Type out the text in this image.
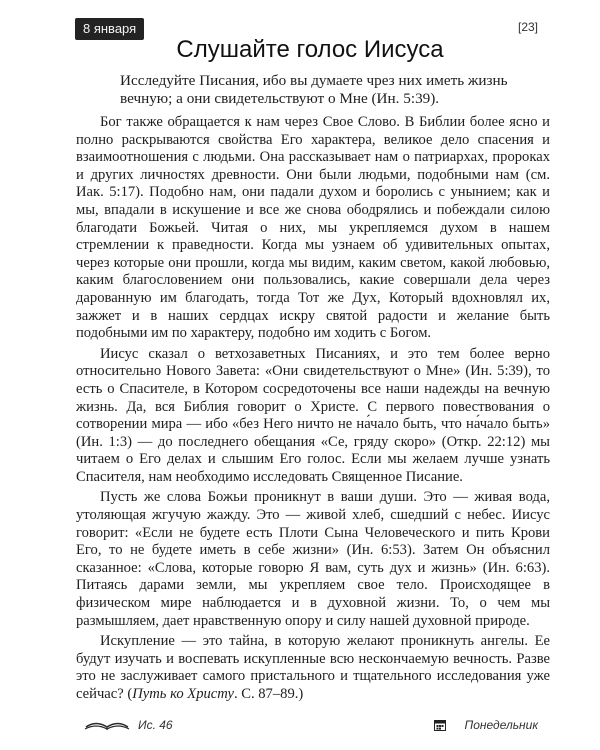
8 января	[23]
Слушайте голос Иисуса
Исследуйте Писания, ибо вы думаете чрез них иметь жизнь вечную; а они свидетельствуют о Мне (Ин. 5:39).

Бог также обращается к нам через Свое Слово. В Библии более ясно и полно раскрываются свойства Его характера, великое дело спасения и взаимоотношения с людьми. Она рассказывает нам о патриархах, пророках и других личностях древности. Они были людьми, подобными нам (см. Иак. 5:17). Подобно нам, они падали духом и боролись с унынием; как и мы, впадали в искушение и все же снова ободрялись и побеждали силою благодати Божьей. Читая о них, мы укрепляемся духом в нашем стремлении к праведности. Когда мы узнаем об удивительных опытах, через которые они прошли, когда мы видим, каким светом, какой любовью, каким благословением они пользовались, какие совершали дела через дарованную им благодать, тогда Тот же Дух, Который вдохновлял их, зажжет и в наших сердцах искру святой радости и желание быть подобными им по характеру, подобно им ходить с Богом.

Иисус сказал о ветхозаветных Писаниях, и это тем более верно относительно Нового Завета: «Они свидетельствуют о Мне» (Ин. 5:39), то есть о Спасителе, в Котором сосредоточены все наши надежды на вечную жизнь. Да, вся Библия говорит о Христе. С первого повествования о сотворении мира — ибо «без Него ничто не на́чало быть, что на́чало быть» (Ин. 1:3) — до последнего обещания «Се, гряду скоро» (Откр. 22:12) мы читаем о Его делах и слышим Его голос. Если мы желаем лучше узнать Спасителя, нам необходимо исследовать Священное Писание.

Пусть же слова Божьи проникнут в ваши души. Это — живая вода, утоляющая жгучую жажду. Это — живой хлеб, сшедший с небес. Иисус говорит: «Если не будете есть Плоти Сына Человеческого и пить Крови Его, то не будете иметь в себе жизни» (Ин. 6:53). Затем Он объяснил сказанное: «Слова, которые говорю Я вам, суть дух и жизнь» (Ин. 6:63). Питаясь дарами земли, мы укрепляем свое тело. Происходящее в физическом мире наблюдается и в духовной жизни. То, о чем мы размышляем, дает нравственную опору и силу нашей духовной природе.

Искупление — это тайна, в которую желают проникнуть ангелы. Ее будут изучать и воспевать искупленные всю нескончаемую вечность. Разве это не заслуживает самого пристального и тщательного исследования уже сейчас? (Путь ко Христу. С. 87–89.)

Ис. 46	Понедельник
